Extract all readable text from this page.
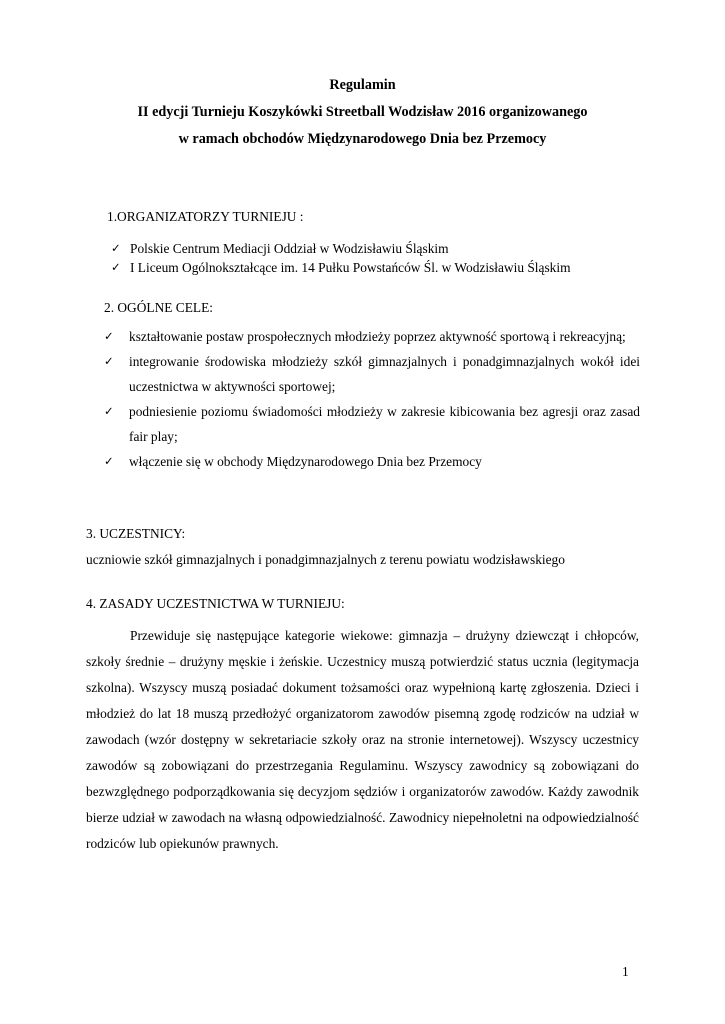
Regulamin
II edycji Turnieju Koszykówki Streetball Wodzisław 2016 organizowanego
w ramach obchodów Międzynarodowego Dnia bez Przemocy
1.ORGANIZATORZY TURNIEJU :
✓ Polskie Centrum Mediacji Oddział w Wodzisławiu Śląskim
✓ I Liceum Ogólnokształcące im. 14 Pułku Powstańców Śl. w Wodzisławiu Śląskim
2. OGÓLNE CELE:
✓ kształtowanie postaw prospołecznych młodzieży poprzez aktywność sportową i rekreacyjną;
✓ integrowanie środowiska młodzieży szkół gimnazjalnych i ponadgimnazjalnych wokół idei uczestnictwa w aktywności sportowej;
✓ podniesienie poziomu świadomości młodzieży w zakresie kibicowania bez agresji oraz zasad fair play;
✓ włączenie się w obchody Międzynarodowego Dnia bez Przemocy
3. UCZESTNICY:
uczniowie szkół gimnazjalnych i ponadgimnazjalnych z terenu powiatu wodzisławskiego
4. ZASADY UCZESTNICTWA W TURNIEJU:
Przewiduje się następujące kategorie wiekowe: gimnazja – drużyny dziewcząt i chłopców, szkoły średnie – drużyny męskie i żeńskie. Uczestnicy muszą potwierdzić status ucznia (legitymacja szkolna). Wszyscy muszą posiadać dokument tożsamości oraz wypełnioną kartę zgłoszenia. Dzieci i młodzież do lat 18 muszą przedłożyć organizatorom zawodów pisemną zgodę rodziców na udział w zawodach (wzór dostępny w sekretariacie szkoły oraz na stronie internetowej). Wszyscy uczestnicy zawodów są zobowiązani do przestrzegania Regulaminu. Wszyscy zawodnicy są zobowiązani do bezwzględnego podporządkowania się decyzjom sędziów i organizatorów zawodów. Każdy zawodnik bierze udział w zawodach na własną odpowiedzialność. Zawodnicy niepełnoletni na odpowiedzialność rodziców lub opiekunów prawnych.
1
